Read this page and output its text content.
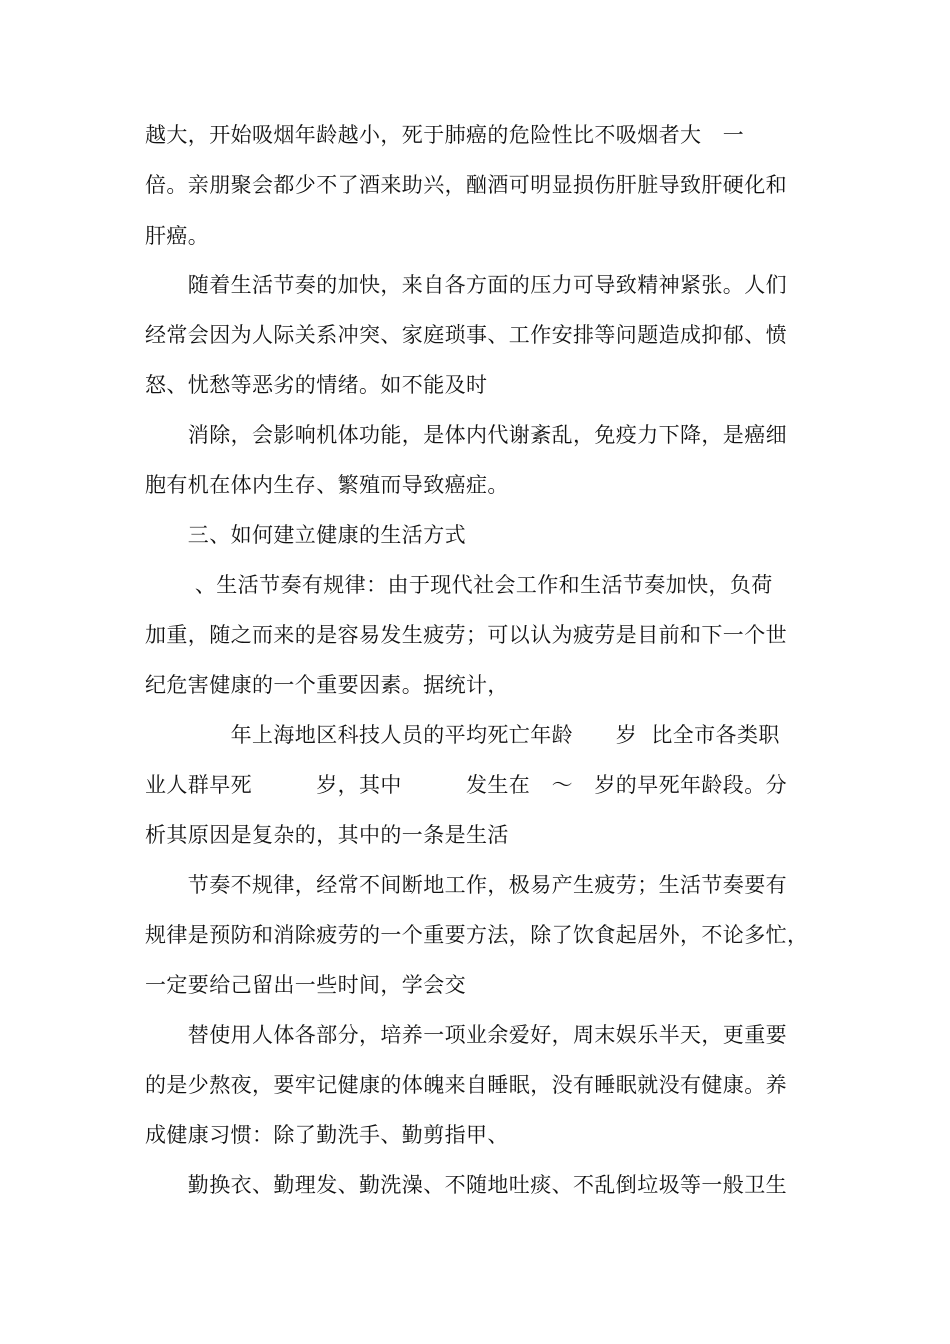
越大，开始吸烟年龄越小，死于肺癌的危险性比不吸烟者大　一
倍。亲朋聚会都少不了酒来助兴，酗酒可明显损伤肝脏导致肝硬化和
肝癌。
　　随着生活节奏的加快，来自各方面的压力可导致精神紧张。人们
经常会因为人际关系冲突、家庭琐事、工作安排等问题造成抑郁、愤
怒、忧愁等恶劣的情绪。如不能及时
　　消除，会影响机体功能，是体内代谢紊乱，免疫力下降，是癌细
胞有机在体内生存、繁殖而导致癌症。
　　三、如何建立健康的生活方式
　　 、生活节奏有规律：由于现代社会工作和生活节奏加快，负荷
加重，随之而来的是容易发生疲劳；可以认为疲劳是目前和下一个世
纪危害健康的一个重要因素。据统计，
　　　　年上海地区科技人员的平均死亡年龄　　岁  比全市各类职
业人群早死　　　岁，其中　　　发生在　～　岁的早死年龄段。分
析其原因是复杂的，其中的一条是生活
　　节奏不规律，经常不间断地工作，极易产生疲劳；生活节奏要有
规律是预防和消除疲劳的一个重要方法，除了饮食起居外，不论多忙，
一定要给己留出一些时间，学会交
　　替使用人体各部分，培养一项业余爱好，周末娱乐半天，更重要
的是少熬夜，要牢记健康的体魄来自睡眠，没有睡眠就没有健康。养
成健康习惯：除了勤洗手、勤剪指甲、
　　勤换衣、勤理发、勤洗澡、不随地吐痰、不乱倒垃圾等一般卫生
